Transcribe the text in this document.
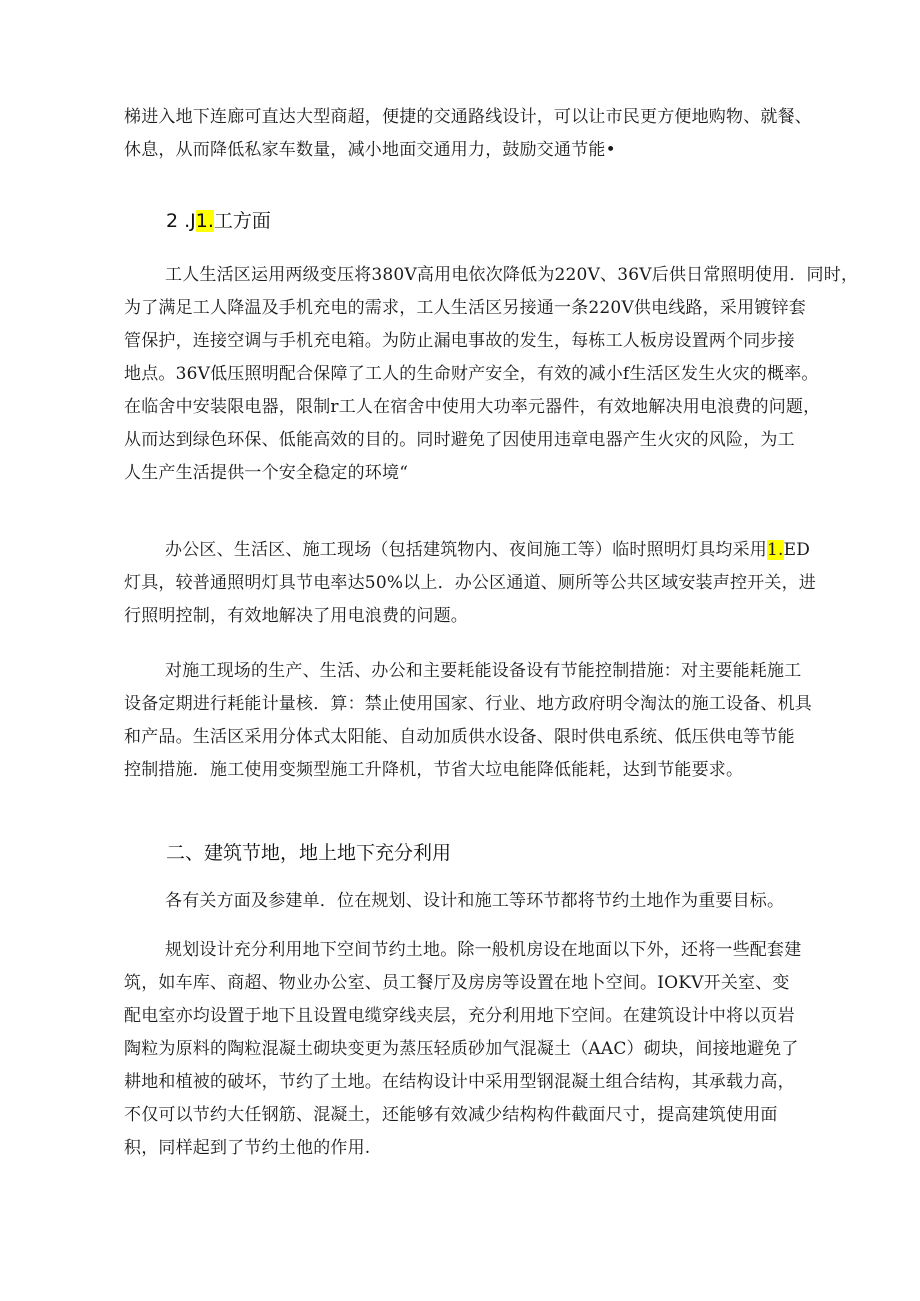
梯进入地下连廊可直达大型商超，便捷的交通路线设计，可以让市民更方便地购物、就餐、
休息，从而降低私家车数量，减小地面交通用力，鼓励交通节能•
2 .J1.工方面
工人生活区运用两级变压将380V高用电依次降低为220V、36V后供日常照明使用．同时，
为了满足工人降温及手机充电的需求，工人生活区另接通一条220V供电线路，采用镀锌套
管保护，连接空调与手机充电箱。为防止漏电事故的发生，每栋工人板房设置两个同步接
地点。36V低压照明配合保障了工人的生命财产安全，有效的减小f生活区发生火灾的概率。
在临舍中安装限电器，限制r工人在宿舍中使用大功率元器件，有效地解决用电浪费的问题，
从而达到绿色环保、低能高效的目的。同时避免了因使用违章电器产生火灾的风险，为工
人生产生活提供一个安全稳定的环境“
办公区、生活区、施工现场（包括建筑物内、夜间施工等）临时照明灯具均采用1.ED
灯具，较普通照明灯具节电率达50%以上．办公区通道、厕所等公共区域安装声控开关，进
行照明控制，有效地解决了用电浪费的问题。
对施工现场的生产、生活、办公和主要耗能设备设有节能控制措施：对主要能耗施工
设备定期进行耗能计量核．算：禁止使用国家、行业、地方政府明令淘汰的施工设备、机具
和产品。生活区采用分体式太阳能、自动加质供水设备、限时供电系统、低压供电等节能
控制措施．施工使用变频型施工升降机，节省大垃电能降低能耗，达到节能要求。
二、建筑节地，地上地下充分利用
各有关方面及参建单．位在规划、设计和施工等环节都将节约土地作为重要目标。
规划设计充分利用地下空间节约土地。除一般机房设在地面以下外，还将一些配套建
筑，如车库、商超、物业办公室、员工餐厅及房房等设置在地卜空间。IOKV开关室、变
配电室亦均设置于地下且设置电缆穿线夹层，充分利用地下空间。在建筑设计中将以页岩
陶粒为原料的陶粒混凝土砌块变更为蒸压轻质砂加气混凝土（AAC）砌块，间接地避免了
耕地和植被的破坏，节约了土地。在结构设计中采用型钢混凝土组合结构，其承载力高，
不仅可以节约大任钢筋、混凝土，还能够有效减少结构构件截面尺寸，提高建筑使用面
积，同样起到了节约土他的作用.
